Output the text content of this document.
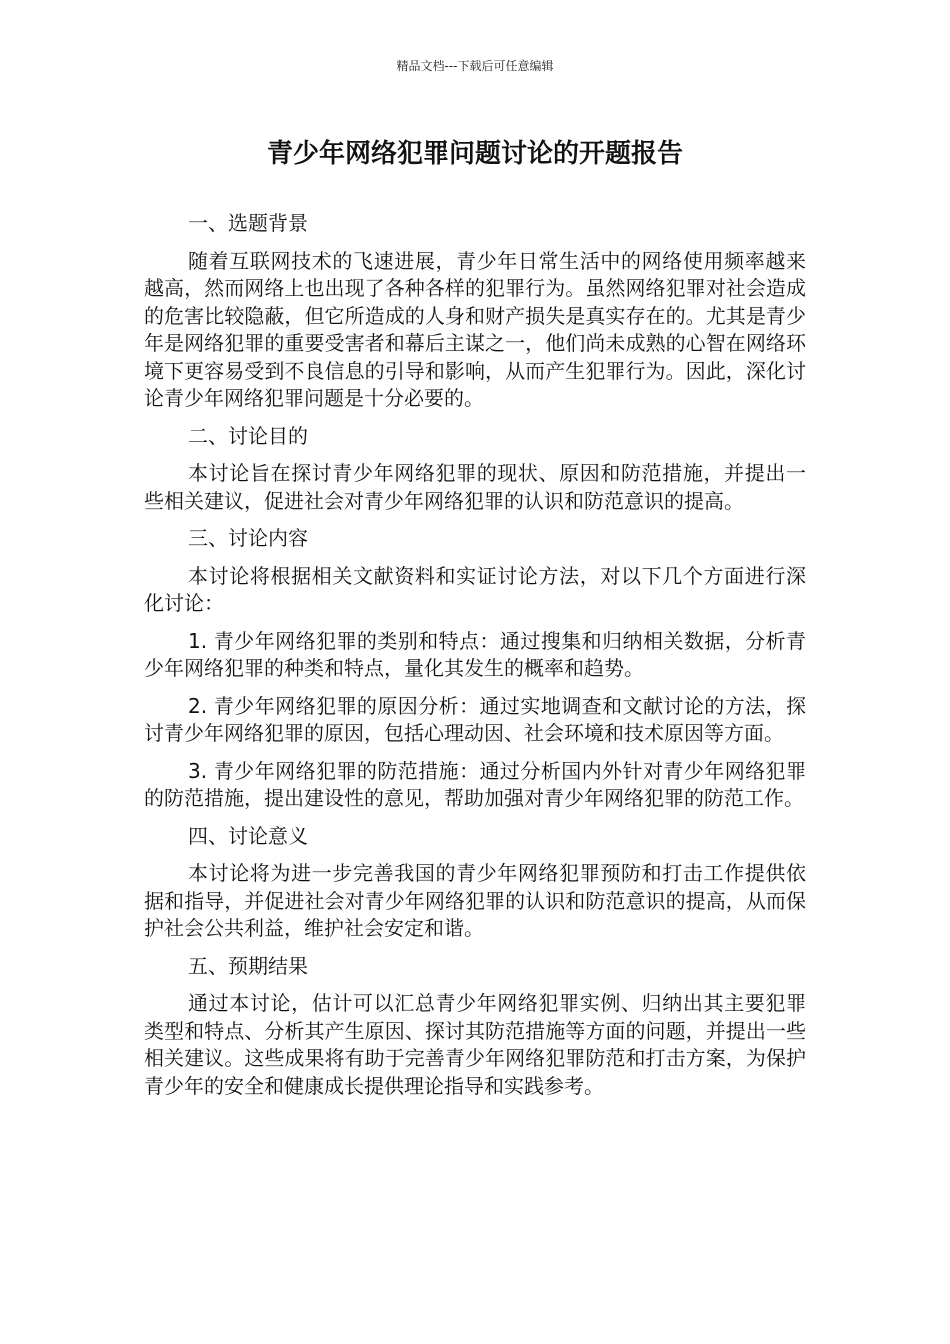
精品文档---下载后可任意编辑
青少年网络犯罪问题讨论的开题报告

一、选题背景

随着互联网技术的飞速进展，青少年日常生活中的网络使用频率越来越高，然而网络上也出现了各种各样的犯罪行为。虽然网络犯罪对社会造成的危害比较隐蔽，但它所造成的人身和财产损失是真实存在的。尤其是青少年是网络犯罪的重要受害者和幕后主谋之一，他们尚未成熟的心智在网络环境下更容易受到不良信息的引导和影响，从而产生犯罪行为。因此，深化讨论青少年网络犯罪问题是十分必要的。

二、讨论目的

本讨论旨在探讨青少年网络犯罪的现状、原因和防范措施，并提出一些相关建议，促进社会对青少年网络犯罪的认识和防范意识的提高。

三、讨论内容

本讨论将根据相关文献资料和实证讨论方法，对以下几个方面进行深化讨论：

1. 青少年网络犯罪的类别和特点：通过搜集和归纳相关数据，分析青少年网络犯罪的种类和特点，量化其发生的概率和趋势。

2. 青少年网络犯罪的原因分析：通过实地调查和文献讨论的方法，探讨青少年网络犯罪的原因，包括心理动因、社会环境和技术原因等方面。

3. 青少年网络犯罪的防范措施：通过分析国内外针对青少年网络犯罪的防范措施，提出建设性的意见，帮助加强对青少年网络犯罪的防范工作。

四、讨论意义

本讨论将为进一步完善我国的青少年网络犯罪预防和打击工作提供依据和指导，并促进社会对青少年网络犯罪的认识和防范意识的提高，从而保护社会公共利益，维护社会安定和谐。

五、预期结果

通过本讨论，估计可以汇总青少年网络犯罪实例、归纳出其主要犯罪类型和特点、分析其产生原因、探讨其防范措施等方面的问题，并提出一些相关建议。这些成果将有助于完善青少年网络犯罪防范和打击方案，为保护青少年的安全和健康成长提供理论指导和实践参考。
